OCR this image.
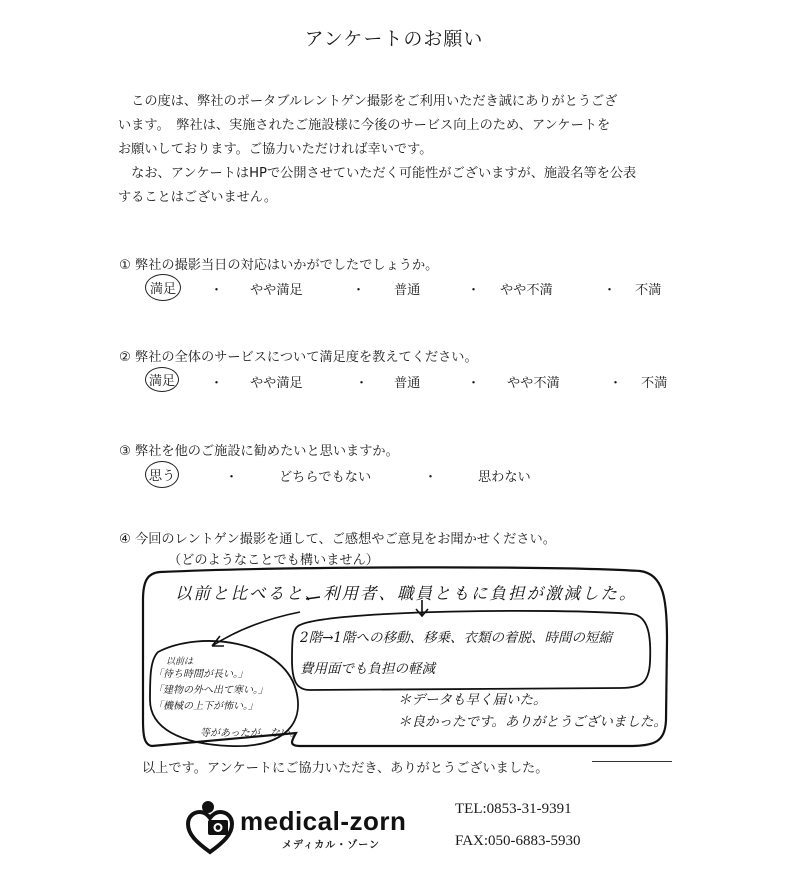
アンケートのお願い
　この度は、弊社のポータブルレントゲン撮影をご利用いただき誠にありがとうござ
います。　弊社は、実施されたご施設様に今後のサービス向上のため、アンケートを
お願いしております。ご協力いただければ幸いです。
　なお、アンケートはHPで公開させていただく可能性がございますが、施設名等を公表
することはございません。
① 弊社の撮影当日の対応はいかがでしたでしょうか。
満足	・ やや満足	・ 普通	・ やや不満	・ 不満
② 弊社の全体のサービスについて満足度を教えてください。
満足	・ やや満足	・ 普通	・ やや不満	・ 不満
③ 弊社を他のご施設に勧めたいと思いますか。
思う	・	どちらでもない	・	思わない
④ 今回のレントゲン撮影を通して、ご感想やご意見をお聞かせください。
（どのようなことでも構いません）
以前と比べると、利用者、職員ともに負担が激減した。
2階→1階への移動、移乗、衣類の着脱、時間の短縮
費用面でも負担の軽減
＊データも早く届いた。
＊良かったです。ありがとうございました。
以前は
「待ち時間が長い。」
「建物の外へ出て寒い。」
「機械の上下が怖い。」
等があったが、ない。
以上です。アンケートにご協力いただき、ありがとうございました。
medical-zorn
メディカル・ゾーン
TEL:0853-31-9391
FAX:050-6883-5930
